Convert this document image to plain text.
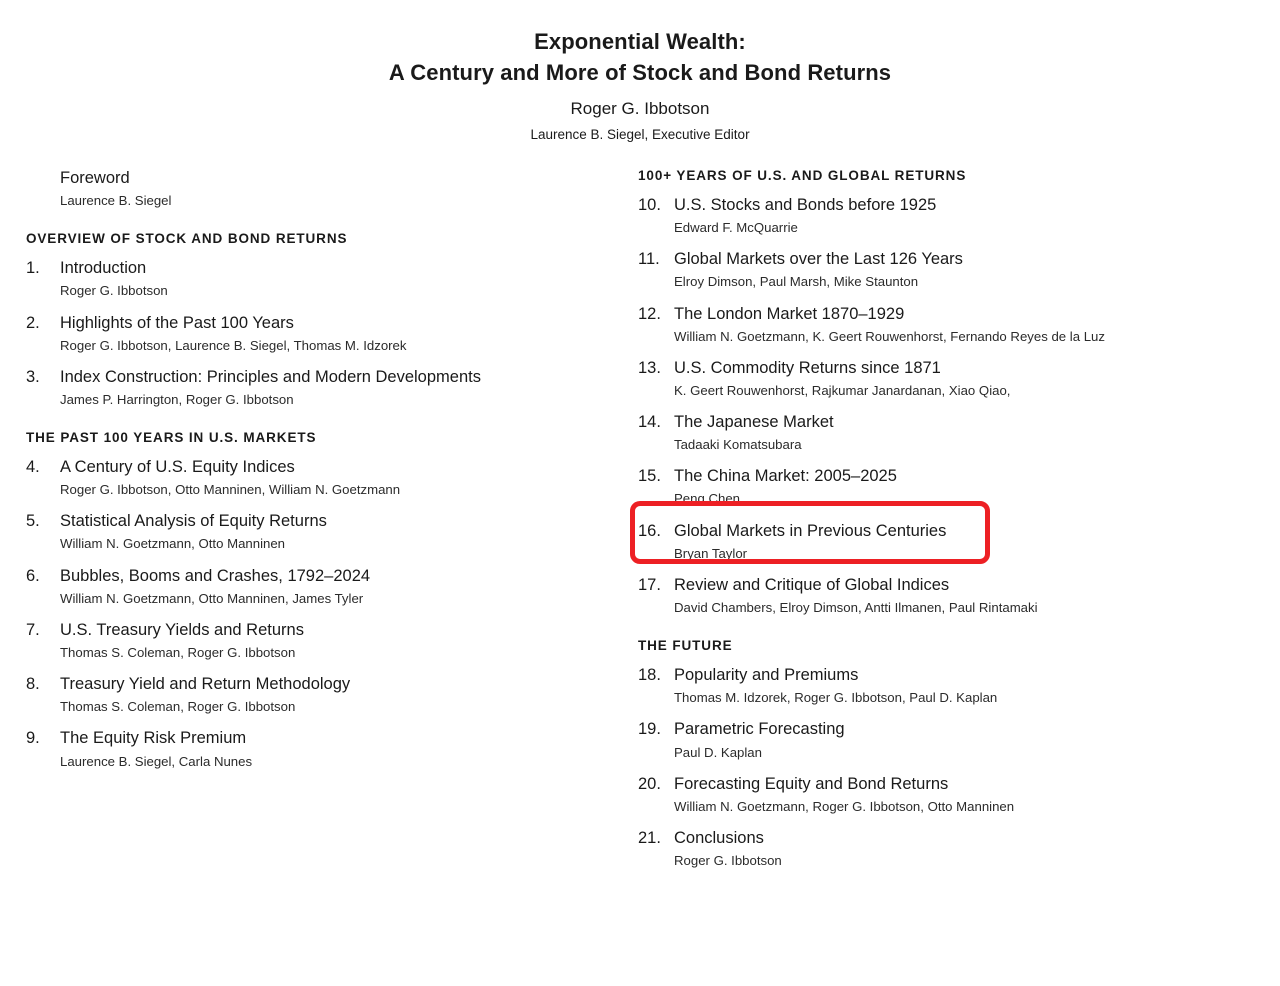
Exponential Wealth:
A Century and More of Stock and Bond Returns
Roger G. Ibbotson
Laurence B. Siegel, Executive Editor
Foreword
Laurence B. Siegel
OVERVIEW OF STOCK AND BOND RETURNS
1.	Introduction
Roger G. Ibbotson
2.	Highlights of the Past 100 Years
Roger G. Ibbotson, Laurence B. Siegel, Thomas M. Idzorek
3.	Index Construction: Principles and Modern Developments
James P. Harrington, Roger G. Ibbotson
THE PAST 100 YEARS IN U.S. MARKETS
4.	A Century of U.S. Equity Indices
Roger G. Ibbotson, Otto Manninen, William N. Goetzmann
5.	Statistical Analysis of Equity Returns
William N. Goetzmann, Otto Manninen
6.	Bubbles, Booms and Crashes, 1792–2024
William N. Goetzmann, Otto Manninen, James Tyler
7.	U.S. Treasury Yields and Returns
Thomas S. Coleman, Roger G. Ibbotson
8.	Treasury Yield and Return Methodology
Thomas S. Coleman, Roger G. Ibbotson
9.	The Equity Risk Premium
Laurence B. Siegel, Carla Nunes
100+ YEARS OF U.S. AND GLOBAL RETURNS
10. U.S. Stocks and Bonds before 1925
Edward F. McQuarrie
11. Global Markets over the Last 126 Years
Elroy Dimson, Paul Marsh, Mike Staunton
12. The London Market 1870–1929
William N. Goetzmann, K. Geert Rouwenhorst, Fernando Reyes de la Luz
13. U.S. Commodity Returns since 1871
K. Geert Rouwenhorst, Rajkumar Janardanan, Xiao Qiao,
14. The Japanese Market
Tadaaki Komatsubara
15. The China Market: 2005–2025
Peng Chen
16. Global Markets in Previous Centuries
Bryan Taylor
17. Review and Critique of Global Indices
David Chambers, Elroy Dimson, Antti Ilmanen, Paul Rintamaki
THE FUTURE
18. Popularity and Premiums
Thomas M. Idzorek, Roger G. Ibbotson, Paul D. Kaplan
19. Parametric Forecasting
Paul D. Kaplan
20. Forecasting Equity and Bond Returns
William N. Goetzmann, Roger G. Ibbotson, Otto Manninen
21. Conclusions
Roger G. Ibbotson
